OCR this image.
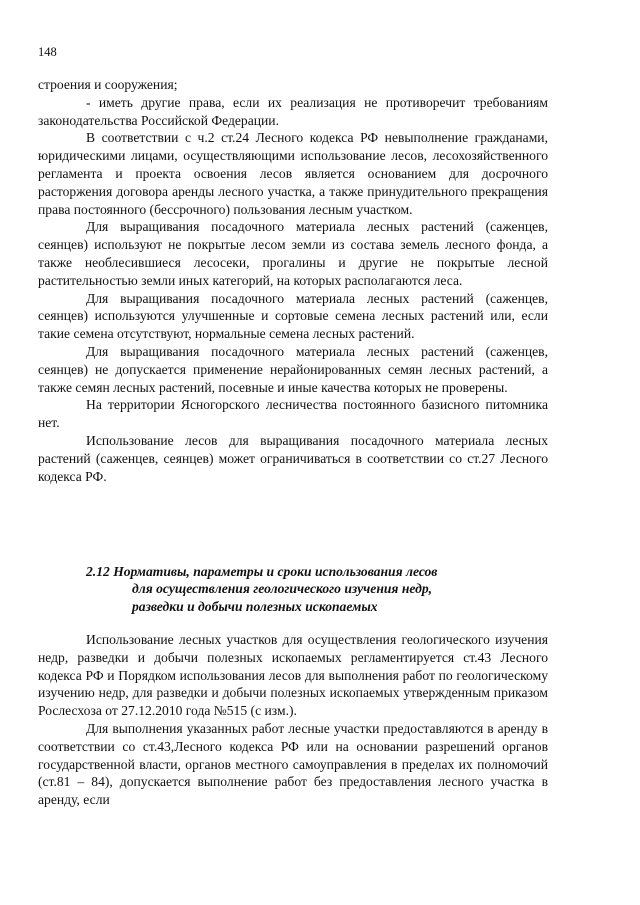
148

строения и сооружения;

- иметь другие права, если их реализация не противоречит требованиям законодательства Российской Федерации.

В соответствии с ч.2 ст.24 Лесного кодекса РФ невыполнение гражданами, юридическими лицами, осуществляющими использование лесов, лесохозяйственного регламента и проекта освоения лесов является основанием для досрочного расторжения договора аренды лесного участка, а также принудительного прекращения права постоянного (бессрочного) пользования лесным участком.

Для выращивания посадочного материала лесных растений (саженцев, сеянцев) используют не покрытые лесом земли из состава земель лесного фонда, а также необлесившиеся лесосеки, прогалины и другие не покрытые лесной растительностью земли иных категорий, на которых располагаются леса.

Для выращивания посадочного материала лесных растений (саженцев, сеянцев) используются улучшенные и сортовые семена лесных растений или, если такие семена отсутствуют, нормальные семена лесных растений.

Для выращивания посадочного материала лесных растений (саженцев, сеянцев) не допускается применение нерайонированных семян лесных растений, а также семян лесных растений, посевные и иные качества которых не проверены.

На территории Ясногорского лесничества постоянного базисного питомника нет.

Использование лесов для выращивания посадочного материала лесных растений (саженцев, сеянцев) может ограничиваться в соответствии со ст.27 Лесного кодекса РФ.

2.12 Нормативы, параметры и сроки использования лесов
для осуществления геологического изучения недр,
разведки и добычи полезных ископаемых

Использование лесных участков для осуществления геологического изучения недр, разведки и добычи полезных ископаемых регламентируется ст.43 Лесного кодекса РФ и Порядком использования лесов для выполнения работ по геологическому изучению недр, для разведки и добычи полезных ископаемых утвержденным приказом Рослесхоза от 27.12.2010 года №515 (с изм.).

Для выполнения указанных работ лесные участки предоставляются в аренду в соответствии со ст.43,Лесного кодекса РФ или на основании разрешений органов государственной власти, органов местного самоуправления в пределах их полномочий (ст.81 – 84), допускается выполнение работ без предоставления лесного участка в аренду, если
